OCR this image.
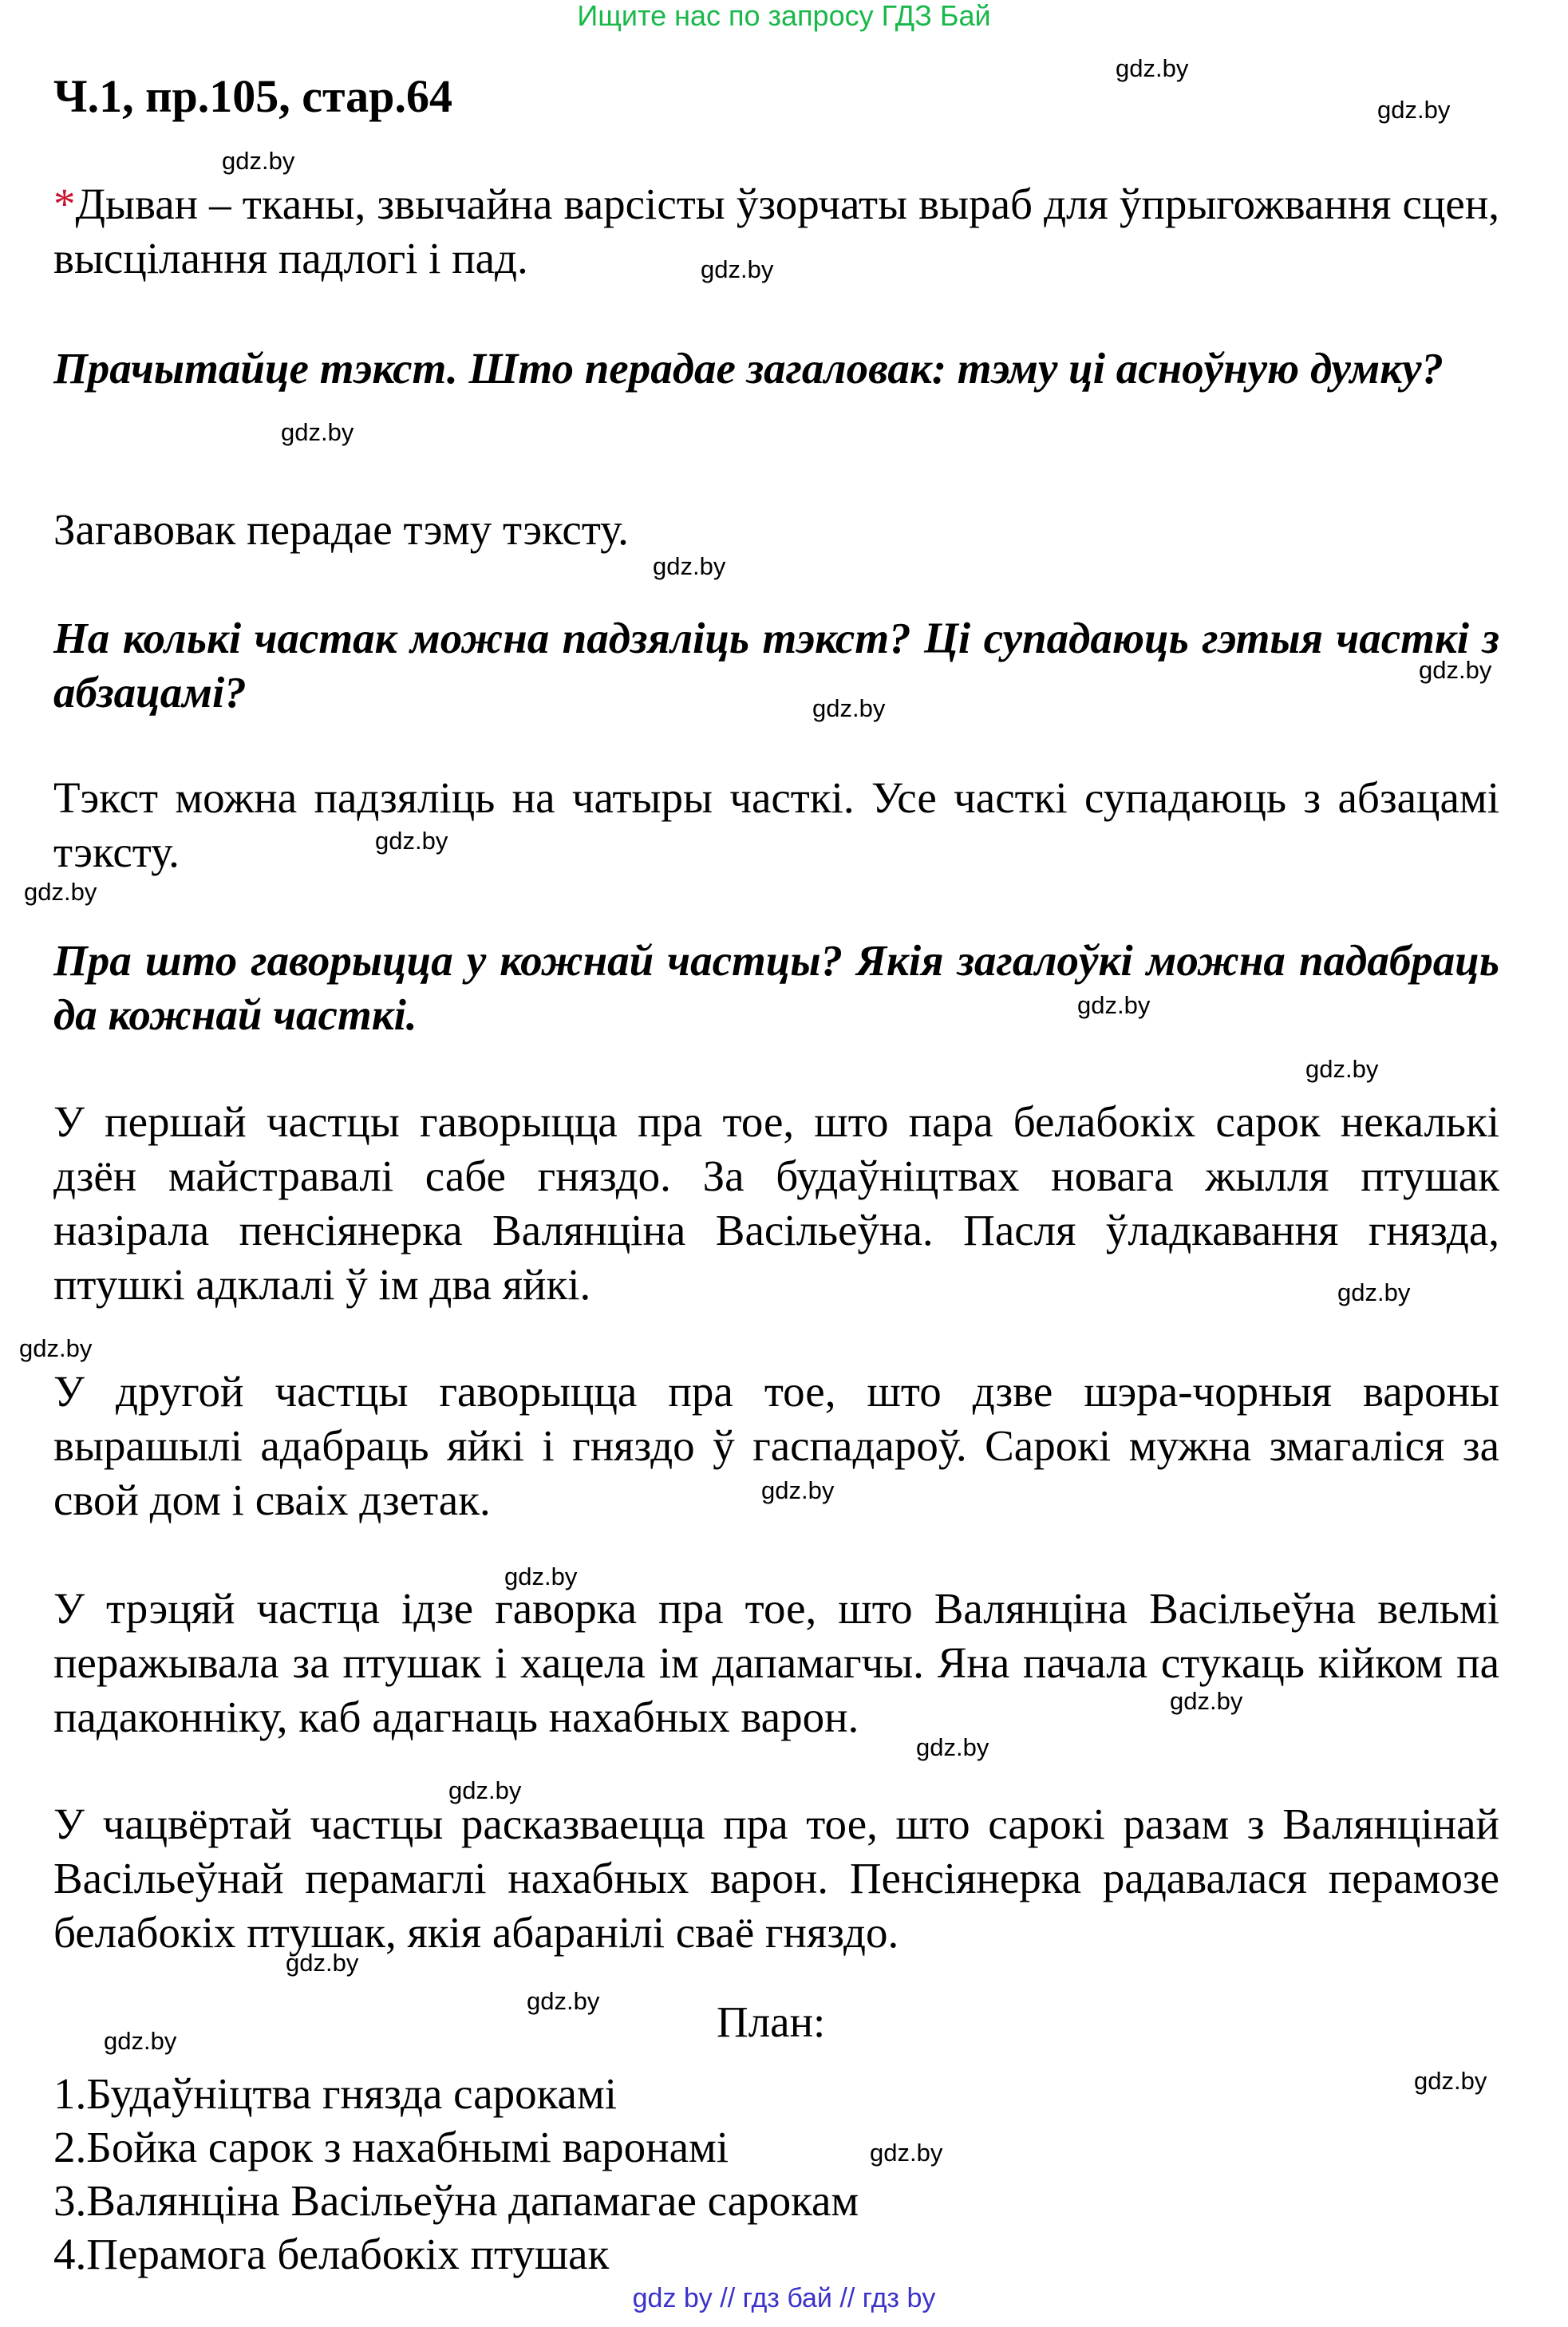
Ищите нас по запросу ГДЗ Бай
Ч.1, пр.105, стар.64
*Дыван – тканы, звычайна варсісты ўзорчаты выраб для ўпрыгожвання сцен, высцілання падлогі і пад.
Прачытайце тэкст. Што перадае загаловак: тэму ці асноўную думку?
Загавовак перадае тэму тэксту.
На колькі частак можна падзяліць тэкст? Ці супадаюць гэтыя часткі з абзацамі?
Тэкст можна падзяліць на чатыры часткі. Усе часткі супадаюць з абзацамі тэксту.
Пра што гаворыцца у кожнай частцы? Якія загалоўкі можна падабраць да кожнай часткі.
У першай частцы гаворыцца пра тое, што пара белабокіх сарок некалькі дзён майстравалі сабе гняздо. За будаўніцтвах новага жылля птушак назірала пенсіянерка Валянціна Васільеўна. Пасля ўладкавання гнязда, птушкі адклалі ў ім два яйкі.
У другой частцы гаворыцца пра тое, што дзве шэра-чорныя вароны вырашылі адабраць яйкі і гняздо ў гаспадароў. Сарокі мужна змагаліся за свой дом і сваіх дзетак.
У трэцяй частца ідзе гаворка пра тое, што Валянціна Васільеўна вельмі перажывала за птушак і хацела ім дапамагчы. Яна пачала стукаць кійком па падаконніку, каб адагнаць нахабных варон.
У чацвёртай частцы расказваецца пра тое, што сарокі разам з Валянцінай Васільеўнай перамаглі нахабных варон. Пенсіянерка радавалася перамозе белабокіх птушак, якія абаранілі сваё гняздо.
План:
1.Будаўніцтва гнязда сарокамі
2.Бойка сарок з нахабнымі варонамі
3.Валянціна Васільеўна дапамагае сарокам
4.Перамога белабокіх птушак
gdz.by
gdz.by
gdz.by
gdz.by
gdz.by
gdz.by
gdz.by
gdz.by
gdz.by
gdz.by
gdz.by
gdz.by
gdz.by
gdz.by
gdz.by
gdz.by
gdz.by
gdz.by
gdz.by
gdz.by
gdz.by
gdz.by
gdz.by
gdz.by
gdz by // гдз бай // гдз by
